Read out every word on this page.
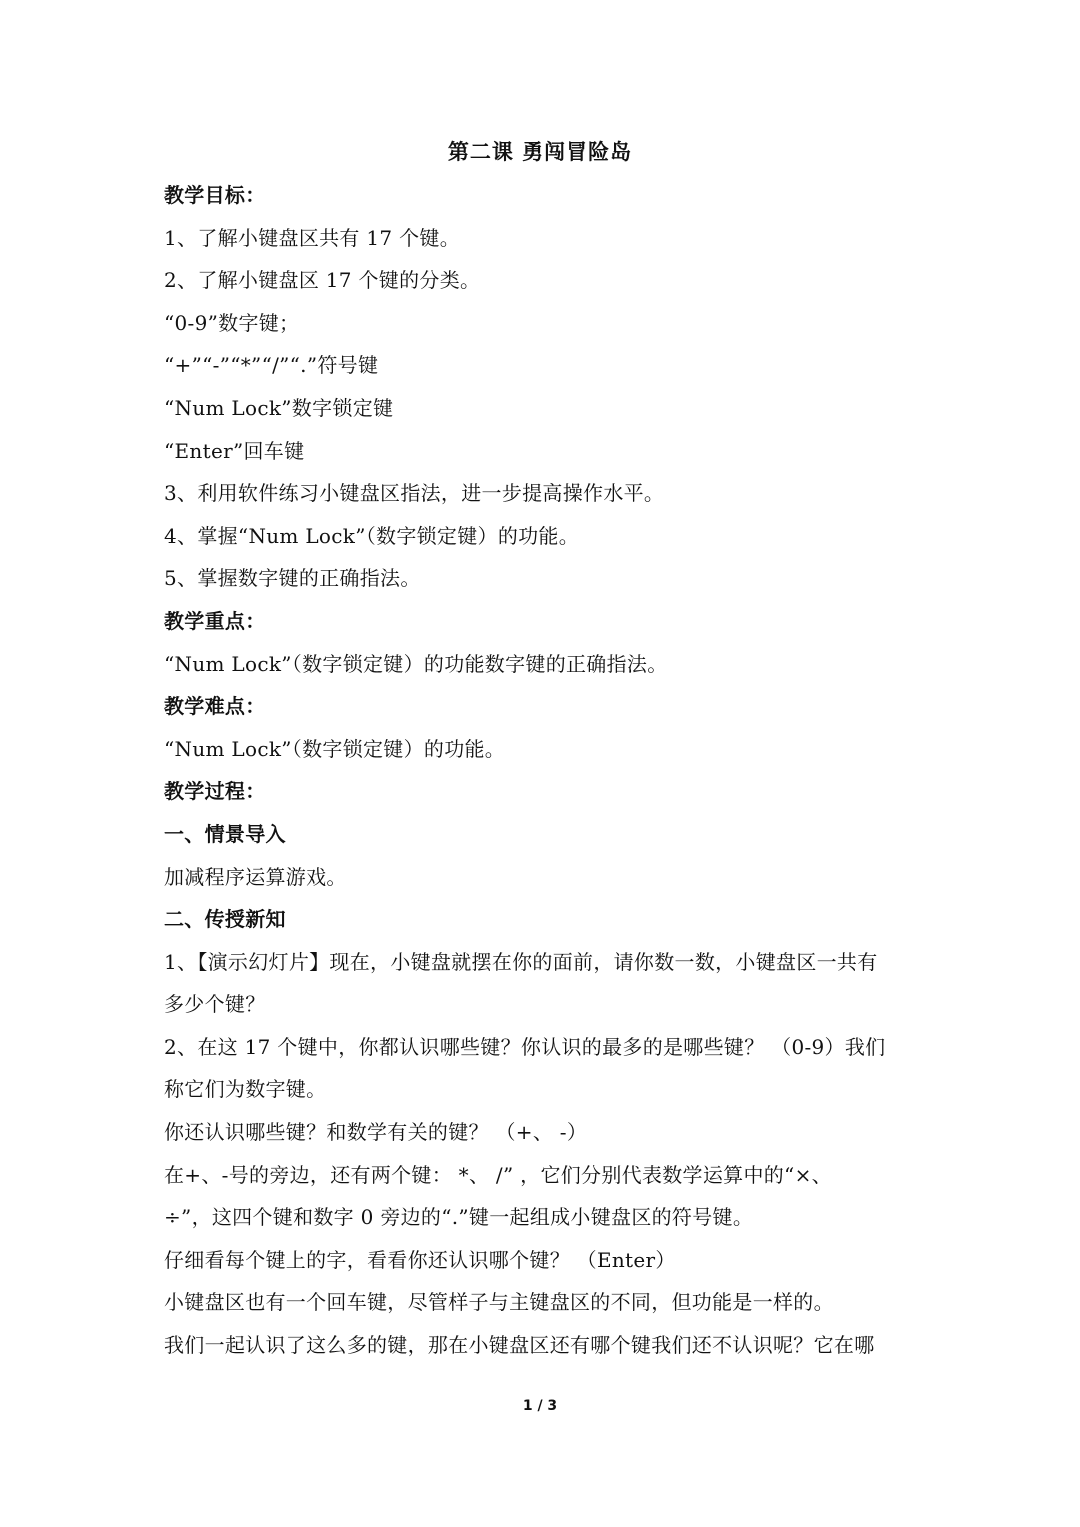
第二课 勇闯冒险岛
教学目标：
1、了解小键盘区共有 17 个键。
2、了解小键盘区 17 个键的分类。
“0-9”数字键；
“+”“-”“*”“/”“.”符号键
“Num Lock”数字锁定键
“Enter”回车键
3、利用软件练习小键盘区指法，进一步提高操作水平。
4、掌握“Num Lock”（数字锁定键）的功能。
5、掌握数字键的正确指法。
教学重点：
“Num Lock”（数字锁定键）的功能数字键的正确指法。
教学难点：
“Num Lock”（数字锁定键）的功能。
教学过程：
一、情景导入
加减程序运算游戏。
二、传授新知
1、【演示幻灯片】现在，小键盘就摆在你的面前，请你数一数，小键盘区一共有
多少个键？
2、在这 17 个键中，你都认识哪些键？你认识的最多的是哪些键？ （0-9）我们
称它们为数字键。
你还认识哪些键？和数学有关的键？ （+、 -）
在+、-号的旁边，还有两个键： *、 /” ，它们分别代表数学运算中的“×、
÷”，这四个键和数字 0 旁边的“.”键一起组成小键盘区的符号键。
仔细看每个键上的字，看看你还认识哪个键？ （Enter）
小键盘区也有一个回车键，尽管样子与主键盘区的不同，但功能是一样的。
我们一起认识了这么多的键，那在小键盘区还有哪个键我们还不认识呢？它在哪
1 / 3
